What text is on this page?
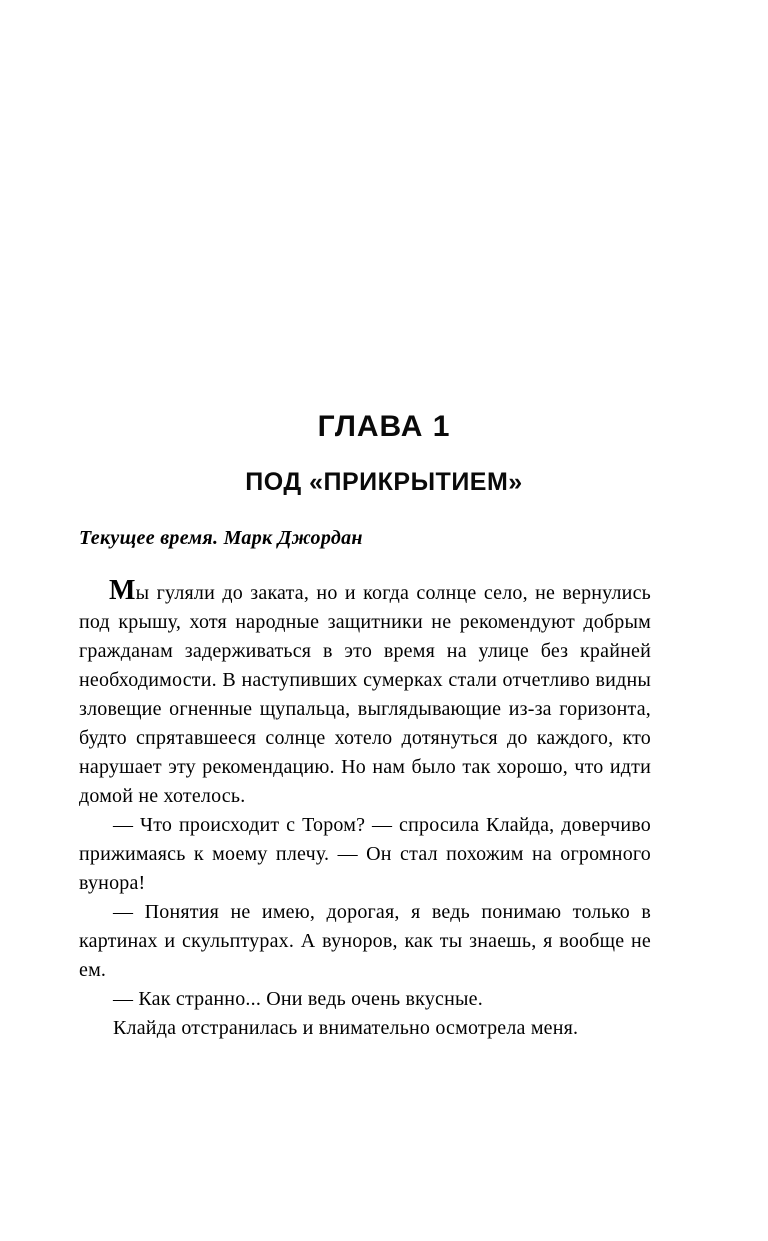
ГЛАВА 1
ПОД «ПРИКРЫТИЕМ»
Текущее время. Марк Джордан

Мы гуляли до заката, но и когда солнце село, не вернулись под крышу, хотя народные защитники не рекомендуют добрым гражданам задерживаться в это время на улице без крайней необходимости. В наступивших сумерках стали отчетливо видны зловещие огненные щупальца, выглядывающие из-за горизонта, будто спрятавшееся солнце хотело дотянуться до каждого, кто нарушает эту рекомендацию. Но нам было так хорошо, что идти домой не хотелось.

— Что происходит с Тором? — спросила Клайда, доверчиво прижимаясь к моему плечу. — Он стал похожим на огромного вунора!

— Понятия не имею, дорогая, я ведь понимаю только в картинах и скульптурах. А вуноров, как ты знаешь, я вообще не ем.

— Как странно... Они ведь очень вкусные.

Клайда отстранилась и внимательно осмотрела меня.
